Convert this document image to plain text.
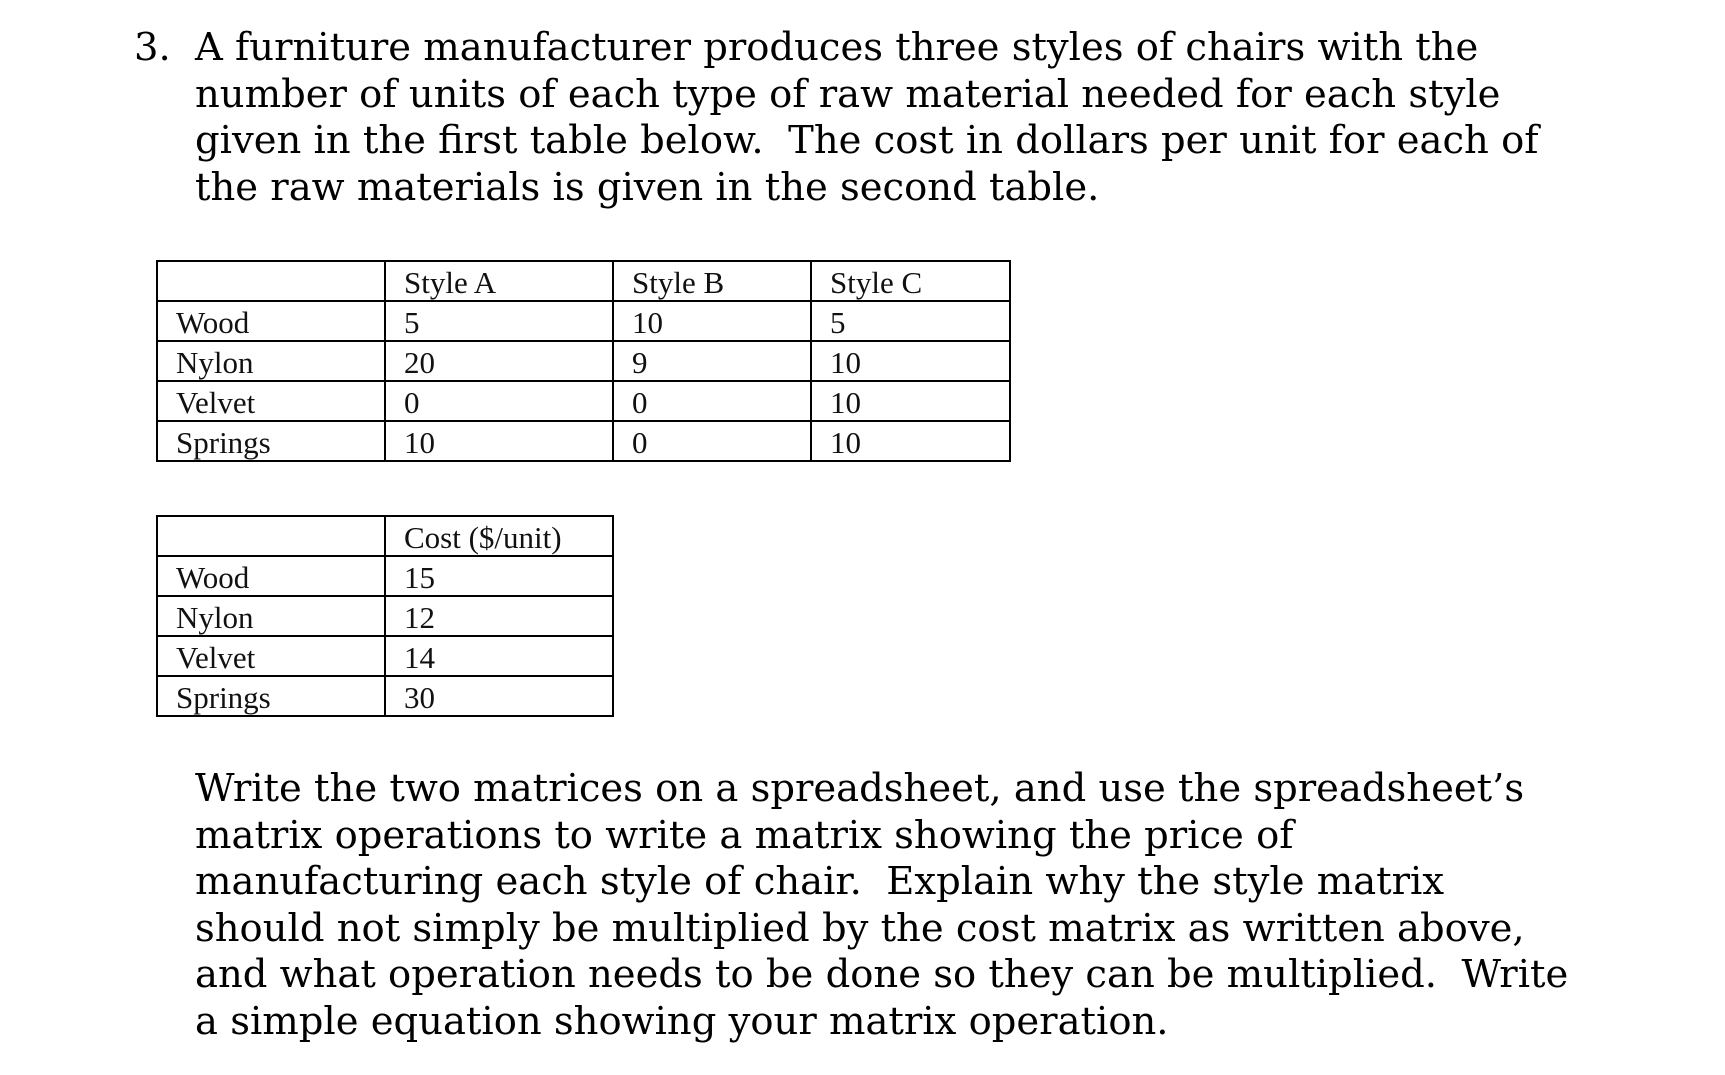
3. A furniture manufacturer produces three styles of chairs with the
number of units of each type of raw material needed for each style
given in the first table below.  The cost in dollars per unit for each of
the raw materials is given in the second table.
	Style A	Style B	Style C
Wood	5	10	5
Nylon	20	9	10
Velvet	0	0	10
Springs	10	0	10
	Cost ($/unit)
Wood	15
Nylon	12
Velvet	14
Springs	30
Write the two matrices on a spreadsheet, and use the spreadsheet’s
matrix operations to write a matrix showing the price of
manufacturing each style of chair.  Explain why the style matrix
should not simply be multiplied by the cost matrix as written above,
and what operation needs to be done so they can be multiplied.  Write
a simple equation showing your matrix operation.
